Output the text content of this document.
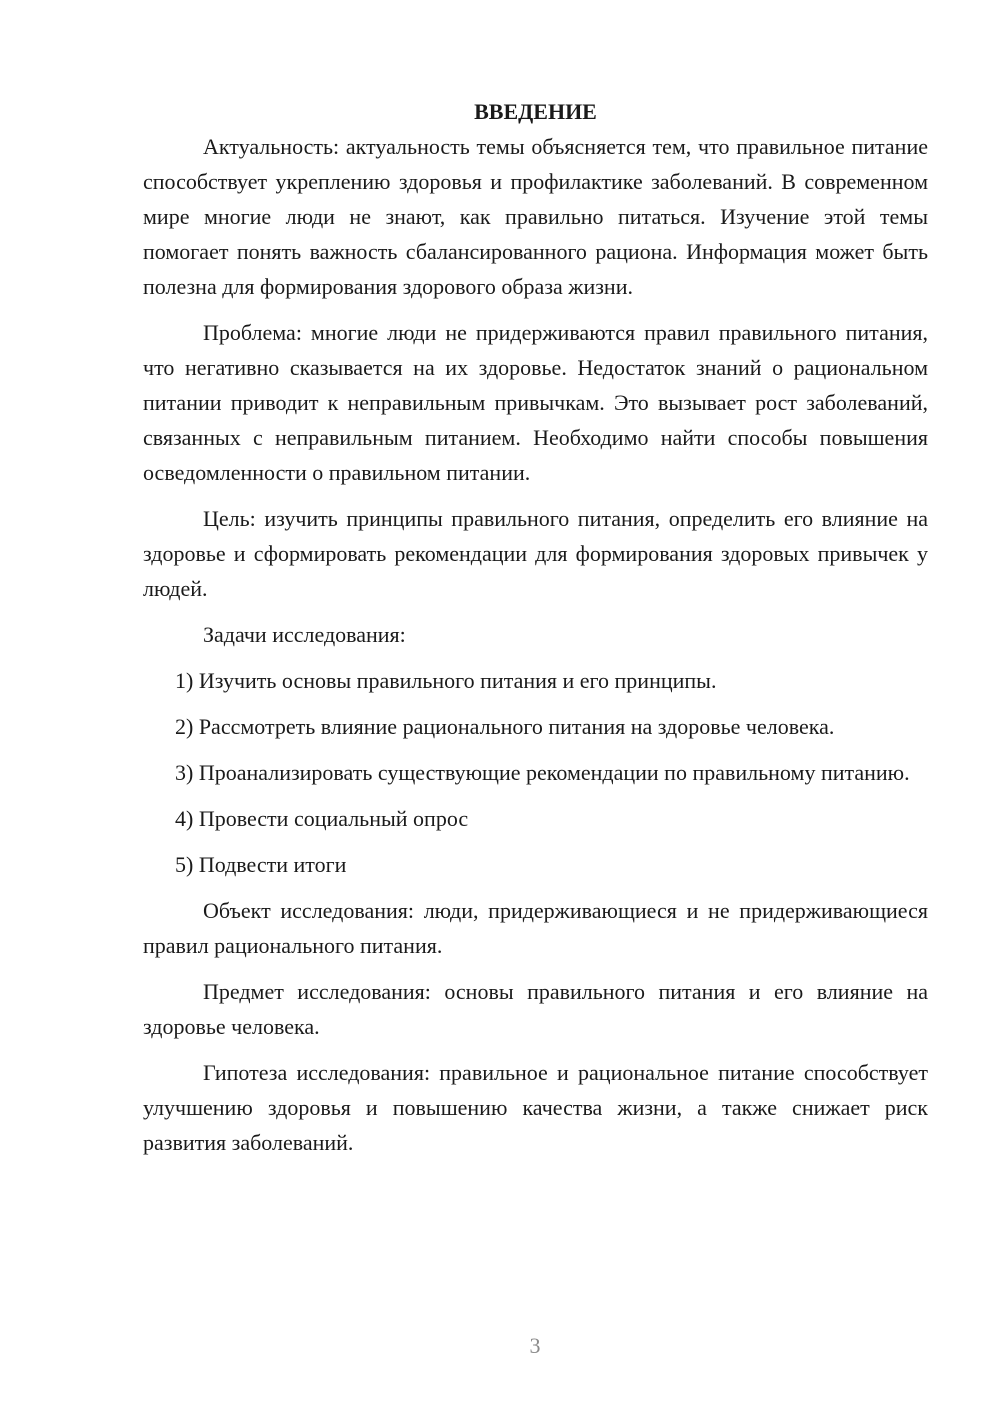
ВВЕДЕНИЕ

Актуальность: актуальность темы объясняется тем, что правильное питание способствует укреплению здоровья и профилактике заболеваний. В современном мире многие люди не знают, как правильно питаться. Изучение этой темы помогает понять важность сбалансированного рациона. Информация может быть полезна для формирования здорового образа жизни.

Проблема: многие люди не придерживаются правил правильного питания, что негативно сказывается на их здоровье. Недостаток знаний о рациональном питании приводит к неправильным привычкам. Это вызывает рост заболеваний, связанных с неправильным питанием. Необходимо найти способы повышения осведомленности о правильном питании.

Цель: изучить принципы правильного питания, определить его влияние на здоровье и сформировать рекомендации для формирования здоровых привычек у людей.

Задачи исследования:

1) Изучить основы правильного питания и его принципы.

2) Рассмотреть влияние рационального питания на здоровье человека.

3) Проанализировать существующие рекомендации по правильному питанию.

4) Провести социальный опрос

5) Подвести итоги

Объект исследования: люди, придерживающиеся и не придерживающиеся правил рационального питания.

Предмет исследования: основы правильного питания и его влияние на здоровье человека.

Гипотеза исследования: правильное и рациональное питание способствует улучшению здоровья и повышению качества жизни, а также снижает риск развития заболеваний.

3
